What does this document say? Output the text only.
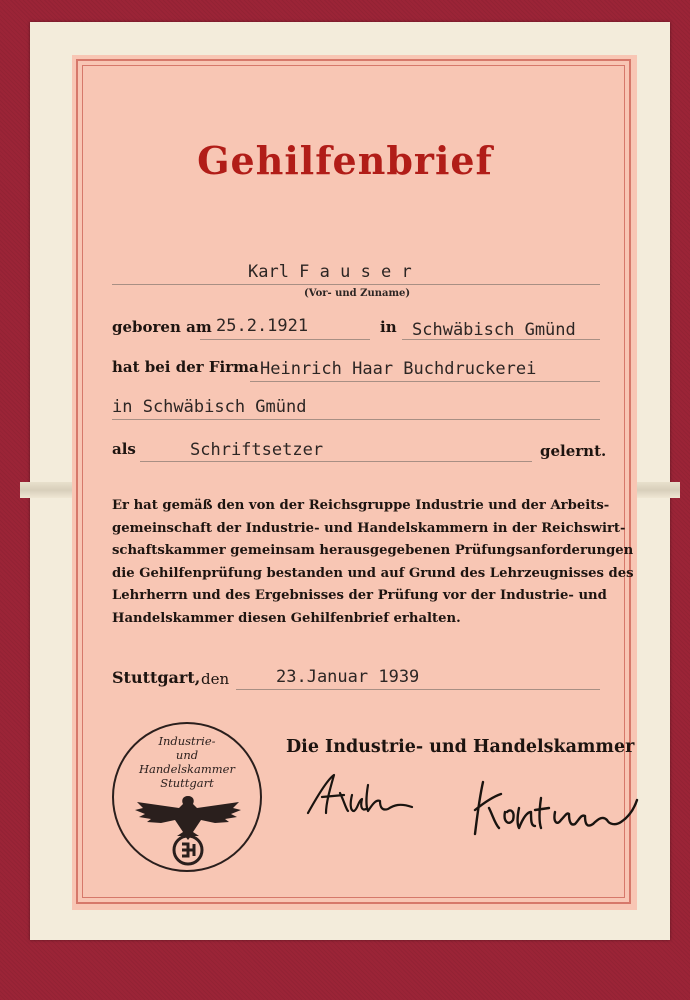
Gehilfenbrief
Karl F a u s e r
(Vor- und Zuname)
geboren am 25.2.1921	in Schwäbisch Gmünd
hat bei der Firma Heinrich Haar Buchdruckerei
in Schwäbisch Gmünd
als	Schriftsetzer	gelernt.
Er hat gemäß den von der Reichsgruppe Industrie und der Arbeits-
gemeinschaft der Industrie- und Handelskammern in der Reichswirt-
schaftskammer gemeinsam herausgegebenen Prüfungsanforderungen
die Gehilfenprüfung bestanden und auf Grund des Lehrzeugnisses des
Lehrherrn und des Ergebnisses der Prüfung vor der Industrie- und
Handelskammer diesen Gehilfenbrief erhalten.
Stuttgart, den	23.Januar 1939
Industrie-
und
Handelskammer
Stuttgart
Die Industrie- und Handelskammer
